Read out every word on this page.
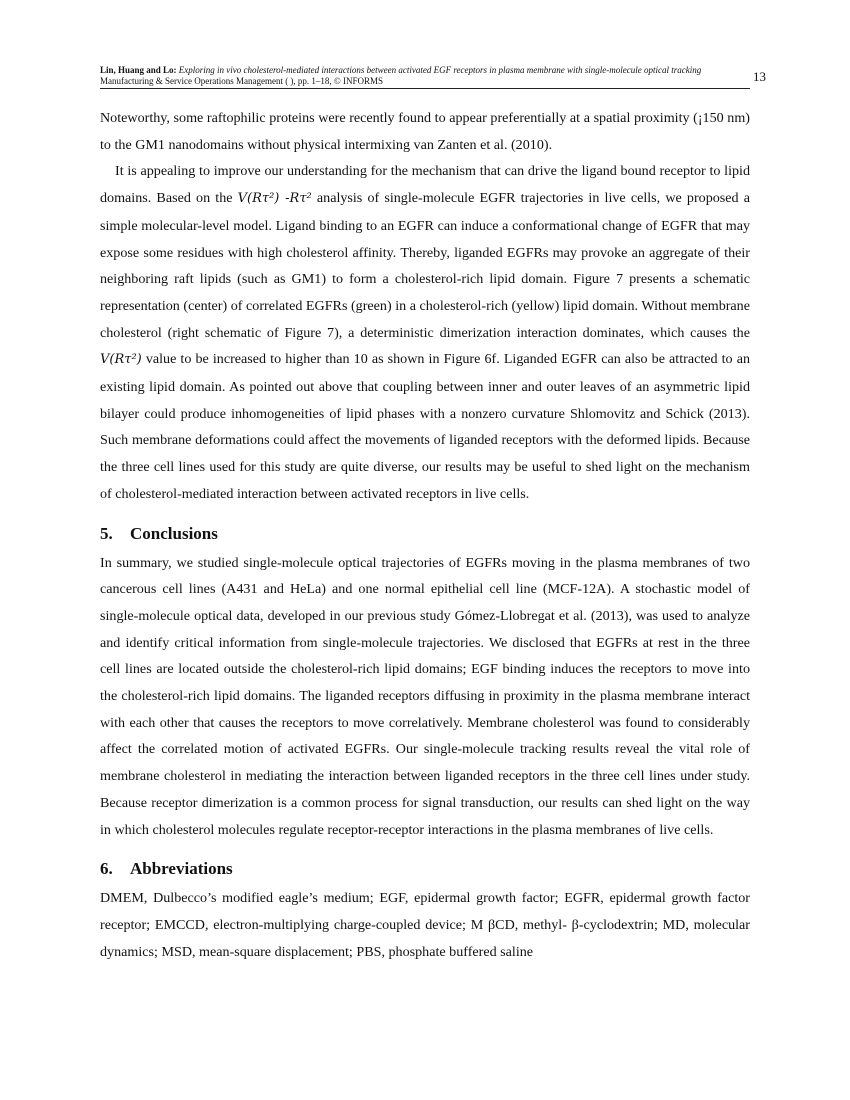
Lin, Huang and Lo: Exploring in vivo cholesterol-mediated interactions between activated EGF receptors in plasma membrane with single-molecule optical tracking
Manufacturing & Service Operations Management ( ), pp. 1–18, © INFORMS	13

Noteworthy, some raftophilic proteins were recently found to appear preferentially at a spatial proximity (¡150 nm) to the GM1 nanodomains without physical intermixing van Zanten et al. (2010).

It is appealing to improve our understanding for the mechanism that can drive the ligand bound receptor to lipid domains. Based on the V(Rτ²) -Rτ² analysis of single-molecule EGFR trajectories in live cells, we proposed a simple molecular-level model. Ligand binding to an EGFR can induce a conformational change of EGFR that may expose some residues with high cholesterol affinity. Thereby, liganded EGFRs may provoke an aggregate of their neighboring raft lipids (such as GM1) to form a cholesterol-rich lipid domain. Figure 7 presents a schematic representation (center) of correlated EGFRs (green) in a cholesterol-rich (yellow) lipid domain. Without membrane cholesterol (right schematic of Figure 7), a deterministic dimerization interaction dominates, which causes the V(Rτ²) value to be increased to higher than 10 as shown in Figure 6f. Liganded EGFR can also be attracted to an existing lipid domain. As pointed out above that coupling between inner and outer leaves of an asymmetric lipid bilayer could produce inhomogeneities of lipid phases with a nonzero curvature Shlomovitz and Schick (2013). Such membrane deformations could affect the movements of liganded receptors with the deformed lipids. Because the three cell lines used for this study are quite diverse, our results may be useful to shed light on the mechanism of cholesterol-mediated interaction between activated receptors in live cells.

5. Conclusions

In summary, we studied single-molecule optical trajectories of EGFRs moving in the plasma membranes of two cancerous cell lines (A431 and HeLa) and one normal epithelial cell line (MCF-12A). A stochastic model of single-molecule optical data, developed in our previous study Gómez-Llobregat et al. (2013), was used to analyze and identify critical information from single-molecule trajectories. We disclosed that EGFRs at rest in the three cell lines are located outside the cholesterol-rich lipid domains; EGF binding induces the receptors to move into the cholesterol-rich lipid domains. The liganded receptors diffusing in proximity in the plasma membrane interact with each other that causes the receptors to move correlatively. Membrane cholesterol was found to considerably affect the correlated motion of activated EGFRs. Our single-molecule tracking results reveal the vital role of membrane cholesterol in mediating the interaction between liganded receptors in the three cell lines under study. Because receptor dimerization is a common process for signal transduction, our results can shed light on the way in which cholesterol molecules regulate receptor-receptor interactions in the plasma membranes of live cells.

6. Abbreviations

DMEM, Dulbecco’s modified eagle’s medium; EGF, epidermal growth factor; EGFR, epidermal growth factor receptor; EMCCD, electron-multiplying charge-coupled device; M βCD, methyl- β-cyclodextrin; MD, molecular dynamics; MSD, mean-square displacement; PBS, phosphate buffered saline
